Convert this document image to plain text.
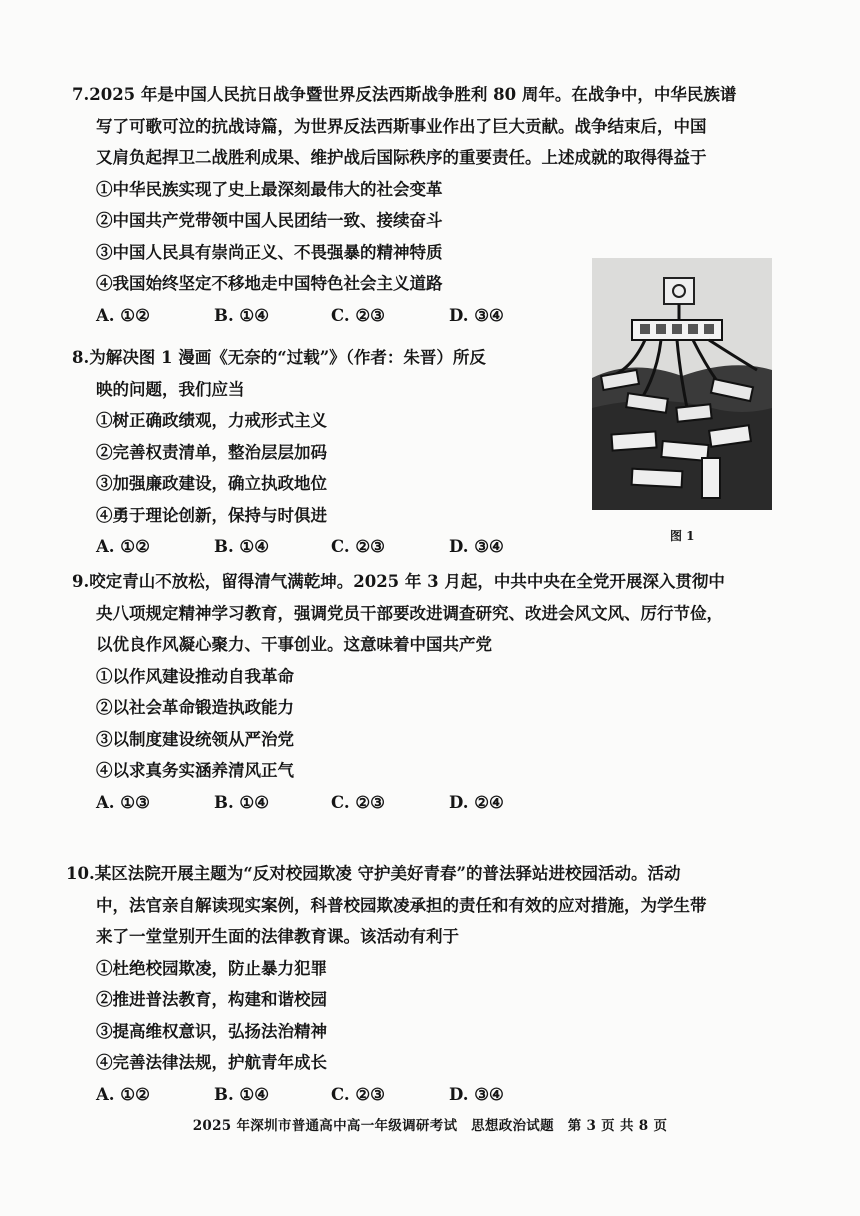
7.2025 年是中国人民抗日战争暨世界反法西斯战争胜利 80 周年。在战争中，中华民族谱
写了可歌可泣的抗战诗篇，为世界反法西斯事业作出了巨大贡献。战争结束后，中国
又肩负起捍卫二战胜利成果、维护战后国际秩序的重要责任。上述成就的取得得益于
①中华民族实现了史上最深刻最伟大的社会变革
②中国共产党带领中国人民团结一致、接续奋斗
③中国人民具有崇尚正义、不畏强暴的精神特质
④我国始终坚定不移地走中国特色社会主义道路
A. ①②	B. ①④	C. ②③	D. ③④
8.为解决图 1 漫画《无奈的“过载”》（作者：朱晋）所反
映的问题，我们应当
①树正确政绩观，力戒形式主义
②完善权责清单，整治层层加码
③加强廉政建设，确立执政地位
④勇于理论创新，保持与时俱进
A. ①②	B. ①④	C. ②③	D. ③④
图 1
9.咬定青山不放松，留得清气满乾坤。2025 年 3 月起，中共中央在全党开展深入贯彻中
央八项规定精神学习教育，强调党员干部要改进调查研究、改进会风文风、厉行节俭，
以优良作风凝心聚力、干事创业。这意味着中国共产党
①以作风建设推动自我革命
②以社会革命锻造执政能力
③以制度建设统领从严治党
④以求真务实涵养清风正气
A. ①③	B. ①④	C. ②③	D. ②④
10.某区法院开展主题为“反对校园欺凌 守护美好青春”的普法驿站进校园活动。活动
中，法官亲自解读现实案例，科普校园欺凌承担的责任和有效的应对措施，为学生带
来了一堂堂别开生面的法律教育课。该活动有利于
①杜绝校园欺凌，防止暴力犯罪
②推进普法教育，构建和谐校园
③提高维权意识，弘扬法治精神
④完善法律法规，护航青年成长
A. ①②	B. ①④	C. ②③	D. ③④
2025 年深圳市普通高中高一年级调研考试　思想政治试题　第 3 页 共 8 页
